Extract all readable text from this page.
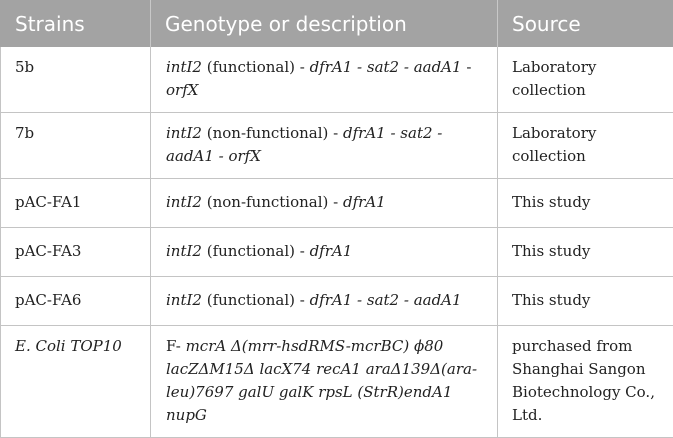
Strains	Genotype or description	Source
5b	intI2 (functional) - dfrA1 - sat2 - aadA1 - orfX	Laboratory collection
7b	intI2 (non-functional) - dfrA1 - sat2 - aadA1 - orfX	Laboratory collection
pAC-FA1	intI2 (non-functional) - dfrA1	This study
pAC-FA3	intI2 (functional) - dfrA1	This study
pAC-FA6	intI2 (functional) - dfrA1 - sat2 - aadA1	This study
E. Coli TOP10	F- mcrA Δ(mrr-hsdRMS-mcrBC) ϕ80 lacZΔM15Δ lacX74 recA1 araΔ139Δ(ara-leu)7697 galU galK rpsL (StrR)endA1 nupG	purchased from Shanghai Sangon Biotechnology Co., Ltd.
